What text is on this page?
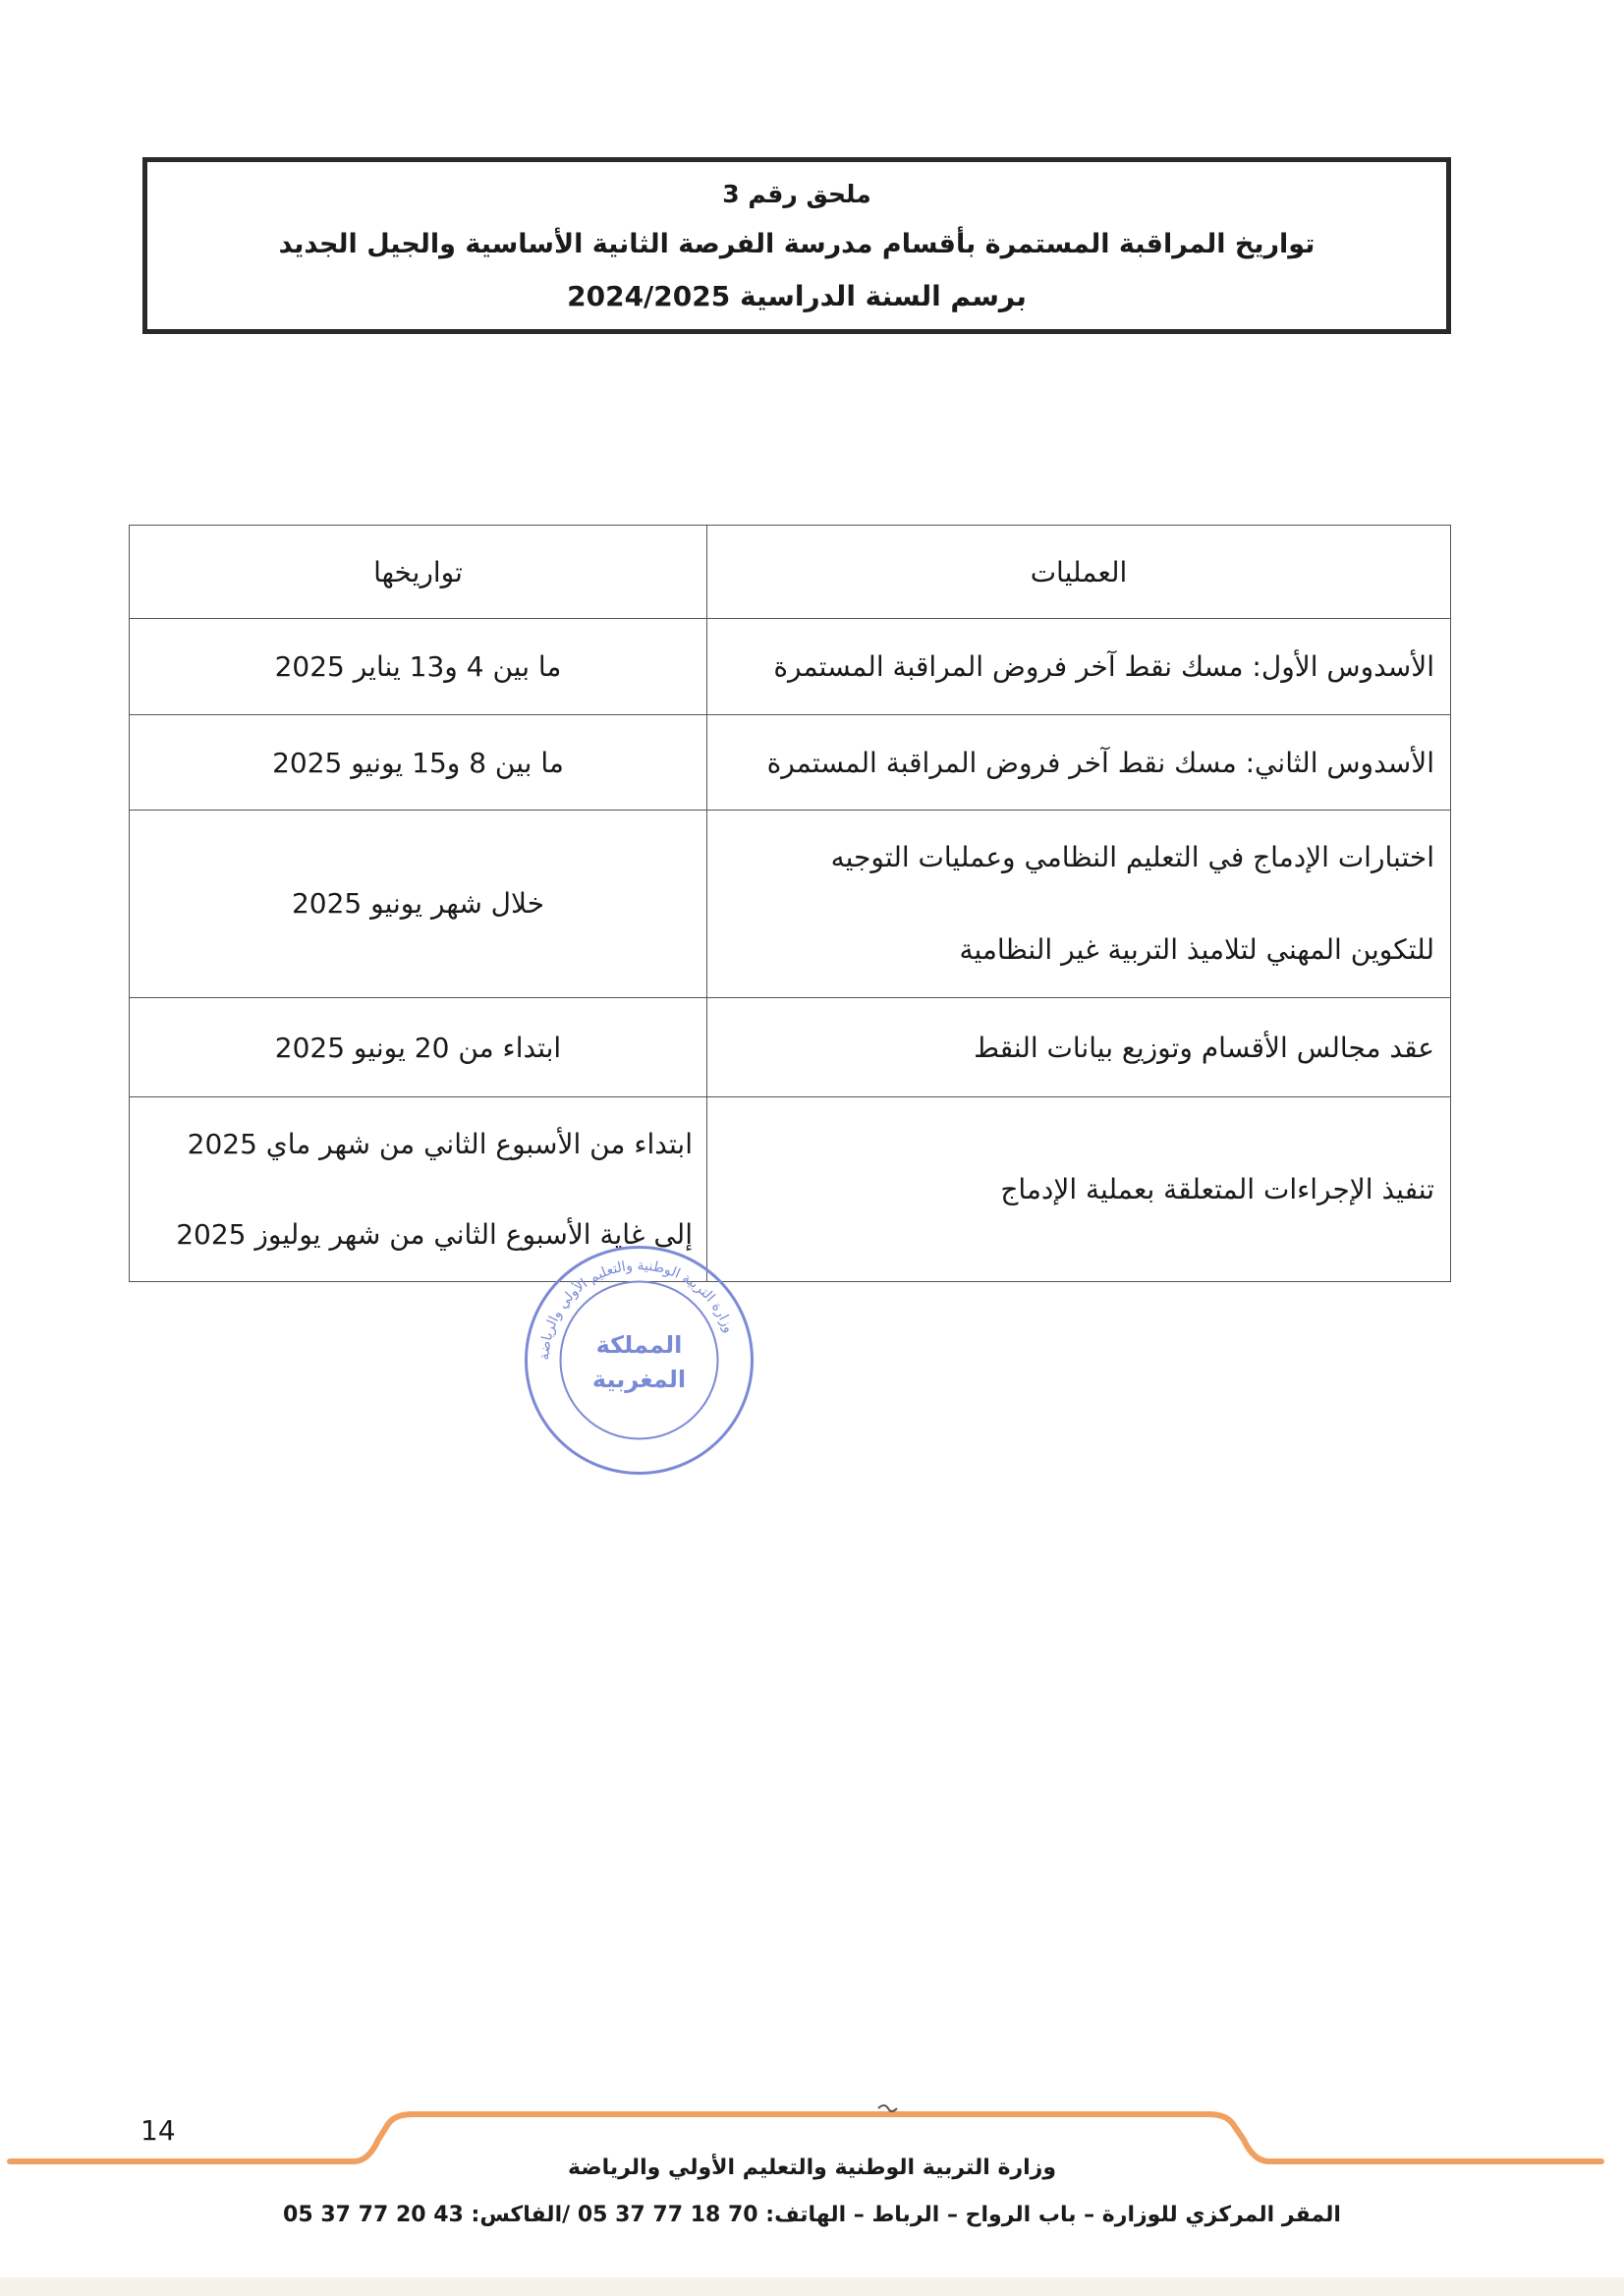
ملحق رقم 3
تواريخ المراقبة المستمرة بأقسام مدرسة الفرصة الثانية الأساسية والجيل الجديد
برسم السنة الدراسية 2024/2025
العمليات	تواريخها
الأسدوس الأول: مسك نقط آخر فروض المراقبة المستمرة	ما بين 4 و13 يناير 2025
الأسدوس الثاني: مسك نقط آخر فروض المراقبة المستمرة	ما بين 8 و15 يونيو 2025

اختبارات الإدماج في التعليم النظامي وعمليات التوجيه
للتكوين المهني لتلاميذ التربية غير النظامية	خلال شهر يونيو 2025
عقد مجالس الأقسام وتوزيع بيانات النقط	ابتداء من 20 يونيو 2025
تنفيذ الإجراءات المتعلقة بعملية الإدماج	ابتداء من الأسبوع الثاني من شهر ماي 2025
إلى غاية الأسبوع الثاني من شهر يوليوز 2025
وزارة التربية الوطنية والتعليم الأولي والرياضة
المملكة
المغربية
14
وزارة التربية الوطنية والتعليم الأولي والرياضة
المقر المركزي للوزارة – باب الرواح – الرباط – الهاتف: 70 18 77 37 05 /الفاكس: 43 20 77 37 05
